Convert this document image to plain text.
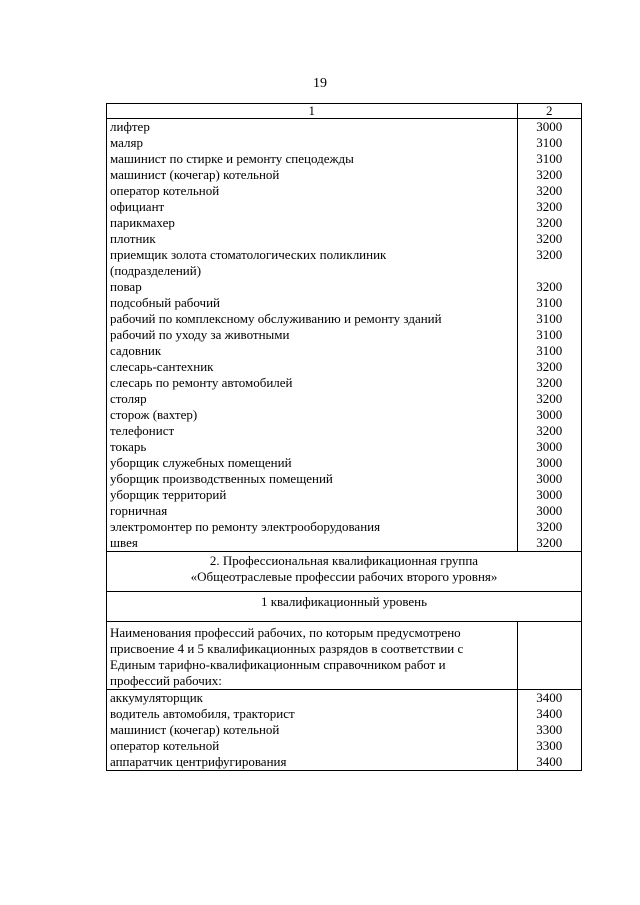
19
1	2
лифтер	3000
маляр	3100
машинист по стирке и ремонту спецодежды	3100
машинист (кочегар) котельной	3200
оператор котельной	3200
официант	3200
парикмахер	3200
плотник	3200

приемщик золота стоматологических поликлиник
(подразделений)	3200
повар	3200
подсобный рабочий	3100
рабочий по комплексному обслуживанию и ремонту зданий	3100
рабочий по уходу за животными	3100
садовник	3100
слесарь-сантехник	3200
слесарь по ремонту автомобилей	3200
столяр	3200
сторож (вахтер)	3000
телефонист	3200
токарь	3000
уборщик служебных помещений	3000
уборщик производственных помещений	3000
уборщик территорий	3000
горничная	3000
электромонтер по ремонту электрооборудования	3200
швея	3200

2. Профессиональная квалификационная группа
«Общеотраслевые профессии рабочих второго уровня»	

1 квалификационный уровень	

Наименования профессий рабочих, по которым предусмотрено
присвоение 4 и 5 квалификационных разрядов в соответствии с
Единым тарифно-квалификационным справочником работ и
профессий рабочих:	

аккумуляторщик	3400
водитель автомобиля, тракторист	3400
машинист (кочегар) котельной	3300
оператор котельной	3300
аппаратчик центрифугирования	3400
